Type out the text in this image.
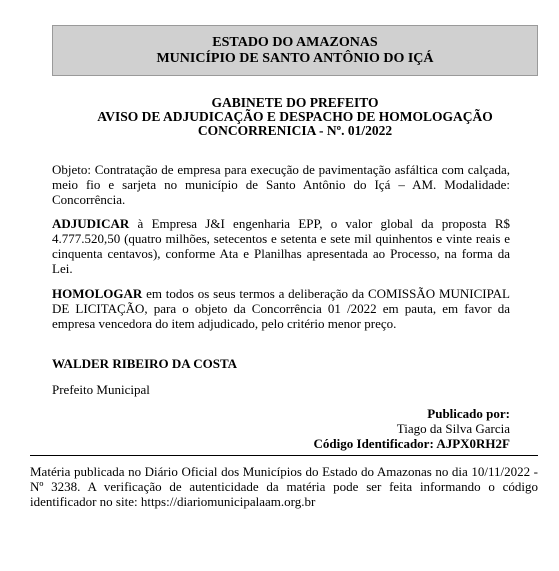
ESTADO DO AMAZONAS
MUNICÍPIO DE SANTO ANTÔNIO DO IÇÁ
GABINETE DO PREFEITO
AVISO DE ADJUDICAÇÃO E DESPACHO DE HOMOLOGAÇÃO
CONCORRENICIA - Nº. 01/2022
Objeto: Contratação de empresa para execução de pavimentação asfáltica com calçada, meio fio e sarjeta no município de Santo Antônio do Içá – AM. Modalidade: Concorrência.
ADJUDICAR à Empresa J&I engenharia EPP, o valor global da proposta R$ 4.777.520,50 (quatro milhões, setecentos e setenta e sete mil quinhentos e vinte reais e cinquenta centavos), conforme Ata e Planilhas apresentada ao Processo, na forma da Lei.
HOMOLOGAR em todos os seus termos a deliberação da COMISSÃO MUNICIPAL DE LICITAÇÃO, para o objeto da Concorrência 01 /2022 em pauta, em favor da empresa vencedora do item adjudicado, pelo critério menor preço.
WALDER RIBEIRO DA COSTA
Prefeito Municipal
Publicado por:
Tiago da Silva Garcia
Código Identificador: AJPX0RH2F
Matéria publicada no Diário Oficial dos Municípios do Estado do Amazonas no dia 10/11/2022 - Nº 3238. A verificação de autenticidade da matéria pode ser feita informando o código identificador no site: https://diariomunicipalaam.org.br
